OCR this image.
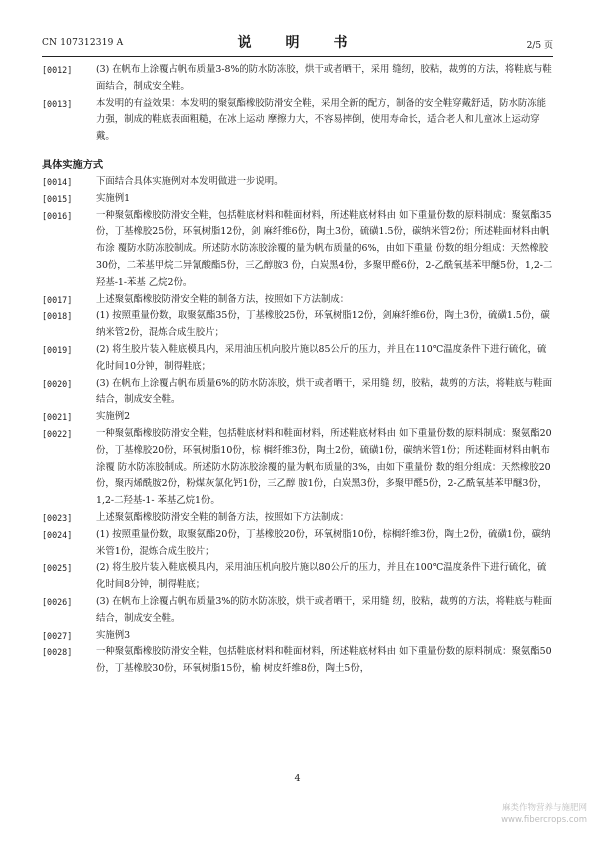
CN 107312319 A	说　明　书	2/5 页
[0012]	(3) 在帆布上涂覆占帆布质量3-8%的防水防冻胶，烘干或者晒干，采用 缝纫，胶粘，裁剪的方法，将鞋底与鞋面结合，制成安全鞋。
[0013]	本发明的有益效果：本发明的聚氨酯橡胶防滑安全鞋，采用全新的配方，制备的安全鞋穿戴舒适，防水防冻能力强，制成的鞋底表面粗糙，在冰上运动 摩擦力大，不容易摔倒，使用寿命长，适合老人和儿童冰上运动穿戴。
具体实施方式
[0014]	下面结合具体实施例对本发明做进一步说明。
[0015]	实施例1
[0016]	一种聚氨酯橡胶防滑安全鞋，包括鞋底材料和鞋面材料，所述鞋底材料由 如下重量份数的原料制成：聚氨酯35份，丁基橡胶25份，环氧树脂12份，剑 麻纤维6份，陶土3份，硫磺1.5份，碳纳米管2份；所述鞋面材料由帆布涂 覆防水防冻胶制成。所述防水防冻胶涂覆的量为帆布质量的6%，由如下重量 份数的组分组成：天然橡胶30份，二苯基甲烷二异氰酸酯5份，三乙醇胺3 份，白炭黑4份，多聚甲醛6份，2-乙酰氧基苯甲醚5份，1,2-二羟基-1-苯基 乙烷2份。
[0017]	上述聚氨酯橡胶防滑安全鞋的制备方法，按照如下方法制成：
[0018]	(1) 按照重量份数，取聚氨酯35份，丁基橡胶25份，环氧树脂12份，剑麻纤维6份，陶土3份，硫磺1.5份，碳纳米管2份，混炼合成生胶片；
[0019]	(2) 将生胶片装入鞋底模具内，采用油压机向胶片施以85公斤的压力，并且在110℃温度条件下进行硫化，硫化时间10分钟，制得鞋底；
[0020]	(3) 在帆布上涂覆占帆布质量6%的防水防冻胶，烘干或者晒干，采用缝 纫，胶粘，裁剪的方法，将鞋底与鞋面结合，制成安全鞋。
[0021]	实施例2
[0022]	一种聚氨酯橡胶防滑安全鞋，包括鞋底材料和鞋面材料，所述鞋底材料由 如下重量份数的原料制成：聚氨酯20份，丁基橡胶20份，环氧树脂10份，棕 榈纤维3份，陶土2份，硫磺1份，碳纳米管1份；所述鞋面材料由帆布涂覆 防水防冻胶制成。所述防水防冻胶涂覆的量为帆布质量的3%，由如下重量份 数的组分组成：天然橡胶20份，聚丙烯酰胺2份，粉煤灰氯化钙1份，三乙醇 胺1份，白炭黑3份，多聚甲醛5份，2-乙酰氧基苯甲醚3份，1,2-二羟基-1- 苯基乙烷1份。
[0023]	上述聚氨酯橡胶防滑安全鞋的制备方法，按照如下方法制成：
[0024]	(1) 按照重量份数，取聚氨酯20份，丁基橡胶20份，环氧树脂10份，棕榈纤维3份，陶土2份，硫磺1份，碳纳米管1份，混炼合成生胶片；
[0025]	(2) 将生胶片装入鞋底模具内，采用油压机向胶片施以80公斤的压力，并且在100℃温度条件下进行硫化，硫化时间8分钟，制得鞋底；
[0026]	(3) 在帆布上涂覆占帆布质量3%的防水防冻胶，烘干或者晒干，采用缝 纫，胶粘，裁剪的方法，将鞋底与鞋面结合，制成安全鞋。
[0027]	实施例3
[0028]	一种聚氨酯橡胶防滑安全鞋，包括鞋底材料和鞋面材料，所述鞋底材料由 如下重量份数的原料制成：聚氨酯50份，丁基橡胶30份，环氧树脂15份，榆 树皮纤维8份，陶土5份，
4
麻类作物营养与施肥网
www.fibercrops.com
